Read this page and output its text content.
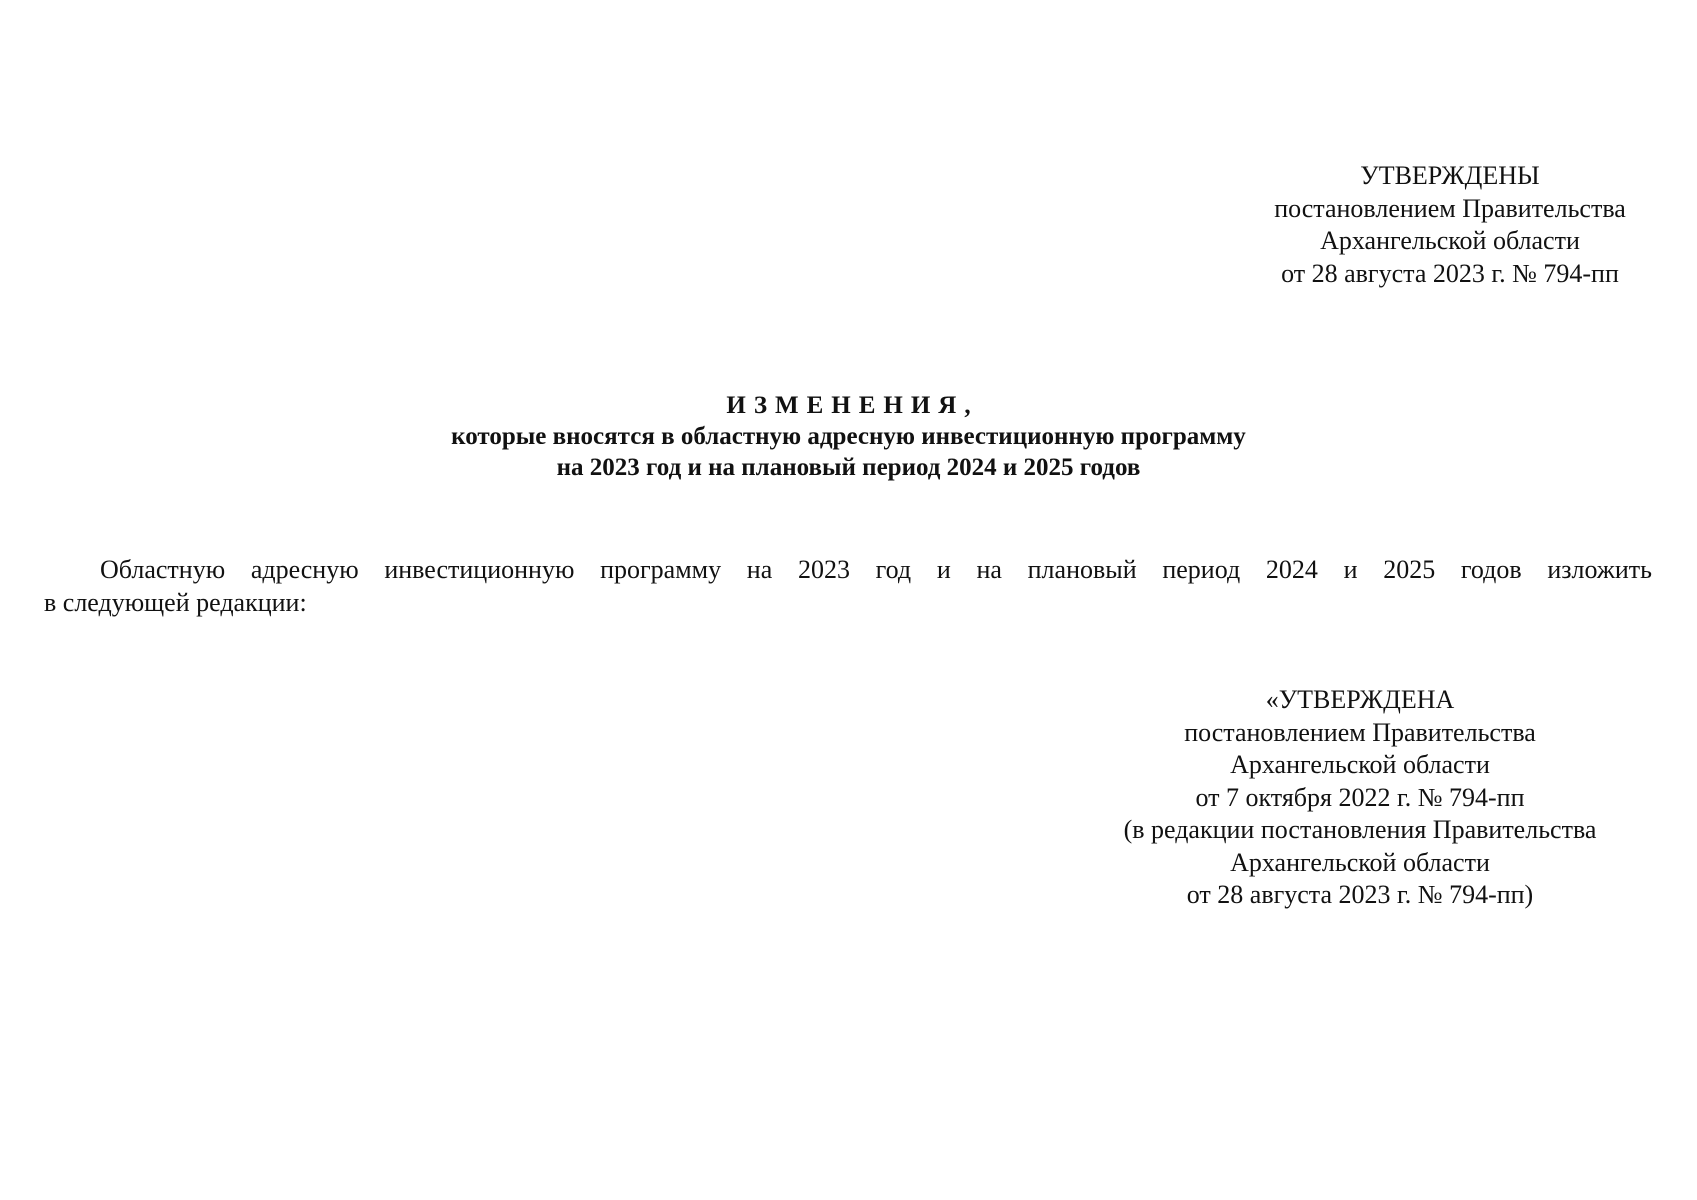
УТВЕРЖДЕНЫ
постановлением Правительства
Архангельской области
от 28 августа 2023 г. № 794-пп
ИЗМЕНЕНИЯ,
которые вносятся в областную адресную инвестиционную программу
на 2023 год и на плановый период 2024 и 2025 годов
Областную адресную инвестиционную программу на 2023 год и на плановый период 2024 и 2025 годов изложить
в следующей редакции:
«УТВЕРЖДЕНА
постановлением Правительства
Архангельской области
от 7 октября 2022 г. № 794-пп
(в редакции постановления Правительства
Архангельской области
от 28 августа 2023 г. № 794-пп)
